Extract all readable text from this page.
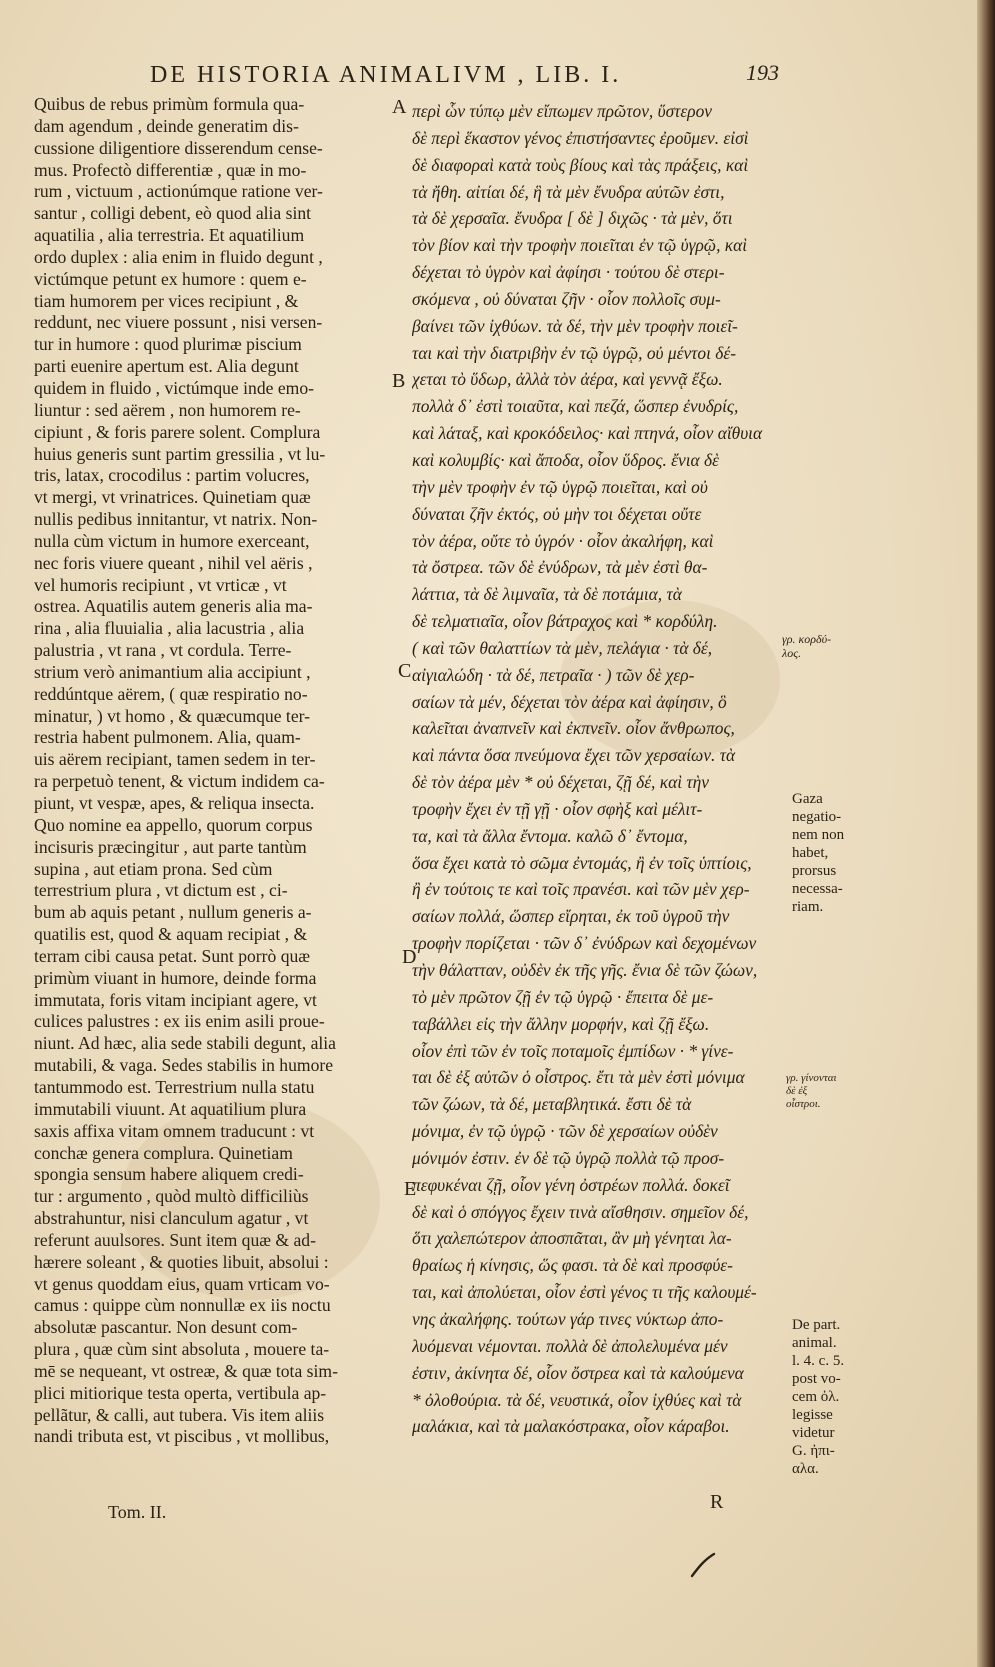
DE HISTORIA ANIMALIVM , LIB. I.	193
Quibus de rebus primùm formula qua-
dam agendum , deinde generatim dis-
cussione diligentiore disserendum cense-
mus. Profectò differentiæ , quæ in mo-
rum , victuum , actionúmque ratione ver-
santur , colligi debent, eò quod alia sint
aquatilia , alia terrestria. Et aquatilium
ordo duplex : alia enim in fluido degunt ,
victúmque petunt ex humore : quem e-
tiam humorem per vices recipiunt , &
reddunt, nec viuere possunt , nisi versen-
tur in humore : quod plurimæ piscium
parti euenire apertum est. Alia degunt
quidem in fluido , victúmque inde emo-
liuntur : sed aërem , non humorem re-
cipiunt , & foris parere solent. Complura
huius generis sunt partim gressilia , vt lu-
tris, latax, crocodilus : partim volucres,
vt mergi, vt vrinatrices. Quinetiam quæ
nullis pedibus innitantur, vt natrix. Non-
nulla cùm victum in humore exerceant,
nec foris viuere queant , nihil vel aëris ,
vel humoris recipiunt , vt vrticæ , vt
ostrea. Aquatilis autem generis alia ma-
rina , alia fluuialia , alia lacustria , alia
palustria , vt rana , vt cordula. Terre-
strium verò animantium alia accipiunt ,
reddúntque aërem, ( quæ respiratio no-
minatur, ) vt homo , & quæcumque ter-
restria habent pulmonem. Alia, quam-
uis aërem recipiant, tamen sedem in ter-
ra perpetuò tenent, & victum indidem ca-
piunt, vt vespæ, apes, & reliqua insecta.
Quo nomine ea appello, quorum corpus
incisuris præcingitur , aut parte tantùm
supina , aut etiam prona. Sed cùm
terrestrium plura , vt dictum est , ci-
bum ab aquis petant , nullum generis a-
quatilis est, quod & aquam recipiat , &
terram cibi causa petat. Sunt porrò quæ
primùm viuant in humore, deinde forma
immutata, foris vitam incipiant agere, vt
culices palustres : ex iis enim asili proue-
niunt. Ad hæc, alia sede stabili degunt, alia
mutabili, & vaga. Sedes stabilis in humore
tantummodo est. Terrestrium nulla statu
immutabili viuunt. At aquatilium plura
saxis affixa vitam omnem traducunt : vt
conchæ genera complura. Quinetiam
spongia sensum habere aliquem credi-
tur : argumento , quòd multò difficiliùs
abstrahuntur, nisi clanculum agatur , vt
referunt auulsores. Sunt item quæ & ad-
hærere soleant , & quoties libuit, absolui :
vt genus quoddam eius, quam vrticam vo-
camus : quippe cùm nonnullæ ex iis noctu
absolutæ pascantur. Non desunt com-
plura , quæ cùm sint absoluta , mouere ta-
mē se nequeant, vt ostreæ, & quæ tota sim-
plici mitiorique testa operta, vertibula ap-
pellãtur, & calli, aut tubera. Vis item aliis
nandi tributa est, vt piscibus , vt mollibus,
περὶ ὧν τύπῳ μὲν εἴπωμεν πρῶτον, ὕστερον
δὲ περὶ ἕκαστον γένος ἐπιστήσαντες ἐροῦμεν. εἰσὶ
δὲ διαφοραὶ κατὰ τοὺς βίους καὶ τὰς πράξεις, καὶ
τὰ ἤθη. αἰτίαι δέ, ἣ τὰ μὲν ἔνυδρα αὐτῶν ἐστι,
τὰ δὲ χερσαῖα. ἔνυδρα [ δὲ ] διχῶς · τὰ μὲν, ὅτι
τὸν βίον καὶ τὴν τροφὴν ποιεῖται ἐν τῷ ὑγρῷ, καὶ
δέχεται τὸ ὑγρὸν καὶ ἀφίησι · τούτου δὲ στερι-
σκόμενα , οὐ δύναται ζῆν · οἷον πολλοῖς συμ-
βαίνει τῶν ἰχθύων. τὰ δέ, τὴν μὲν τροφὴν ποιεῖ-
ται καὶ τὴν διατριβὴν ἐν τῷ ὑγρῷ, οὐ μέντοι δέ-
χεται τὸ ὕδωρ, ἀλλὰ τὸν ἀέρα, καὶ γεννᾷ ἔξω.
πολλὰ δ᾽ ἐστὶ τοιαῦτα, καὶ πεζά, ὥσπερ ἐνυδρίς,
καὶ λάταξ, καὶ κροκόδειλος· καὶ πτηνά, οἷον αἴθυια
καὶ κολυμβίς· καὶ ἄποδα, οἷον ὕδρος. ἔνια δὲ
τὴν μὲν τροφὴν ἐν τῷ ὑγρῷ ποιεῖται, καὶ οὐ
δύναται ζῆν ἐκτός, οὐ μὴν τοι δέχεται οὔτε
τὸν ἀέρα, οὔτε τὸ ὑγρόν · οἷον ἀκαλήφη, καὶ
τὰ ὄστρεα. τῶν δὲ ἐνύδρων, τὰ μὲν ἐστὶ θα-
λάττια, τὰ δὲ λιμναῖα, τὰ δὲ ποτάμια, τὰ
δὲ τελματιαῖα, οἷον βάτραχος καὶ * κορδύλη.
( καὶ τῶν θαλαττίων τὰ μὲν, πελάγια · τὰ δέ,
αἰγιαλώδη · τὰ δέ, πετραῖα · ) τῶν δὲ χερ-
σαίων τὰ μέν, δέχεται τὸν ἀέρα καὶ ἀφίησιν, ὃ
καλεῖται ἀναπνεῖν καὶ ἐκπνεῖν. οἷον ἄνθρωπος,
καὶ πάντα ὅσα πνεύμονα ἔχει τῶν χερσαίων. τὰ
δὲ τὸν ἀέρα μὲν * οὐ δέχεται, ζῇ δέ, καὶ τὴν
τροφὴν ἔχει ἐν τῇ γῇ · οἷον σφὴξ καὶ μέλιτ-
τα, καὶ τὰ ἄλλα ἔντομα. καλῶ δ᾽ ἔντομα,
ὅσα ἔχει κατὰ τὸ σῶμα ἐντομάς, ἢ ἐν τοῖς ὑπτίοις,
ἢ ἐν τούτοις τε καὶ τοῖς πρανέσι. καὶ τῶν μὲν χερ-
σαίων πολλά, ὥσπερ εἴρηται, ἐκ τοῦ ὑγροῦ τὴν
τροφὴν πορίζεται · τῶν δ᾽ ἐνύδρων καὶ δεχομένων
τὴν θάλατταν, οὐδὲν ἐκ τῆς γῆς. ἔνια δὲ τῶν ζώων,
τὸ μὲν πρῶτον ζῇ ἐν τῷ ὑγρῷ · ἔπειτα δὲ με-
ταβάλλει εἰς τὴν ἄλλην μορφήν, καὶ ζῇ ἔξω.
οἷον ἐπὶ τῶν ἐν τοῖς ποταμοῖς ἐμπίδων · * γίνε-
ται δὲ ἐξ αὐτῶν ὁ οἶστρος. ἔτι τὰ μὲν ἐστὶ μόνιμα
τῶν ζώων, τὰ δέ, μεταβλητικά. ἔστι δὲ τὰ
μόνιμα, ἐν τῷ ὑγρῷ · τῶν δὲ χερσαίων οὐδὲν
μόνιμόν ἐστιν. ἐν δὲ τῷ ὑγρῷ πολλὰ τῷ προσ-
πεφυκέναι ζῇ, οἷον γένη ὀστρέων πολλά. δοκεῖ
δὲ καὶ ὁ σπόγγος ἔχειν τινὰ αἴσθησιν. σημεῖον δέ,
ὅτι χαλεπώτερον ἀποσπᾶται, ἂν μὴ γένηται λα-
θραίως ἡ κίνησις, ὥς φασι. τὰ δὲ καὶ προσφύε-
ται, καὶ ἀπολύεται, οἷον ἐστὶ γένος τι τῆς καλουμέ-
νης ἀκαλήφης. τούτων γάρ τινες νύκτωρ ἀπο-
λυόμεναι νέμονται. πολλὰ δὲ ἀπολελυμένα μέν
ἐστιν, ἀκίνητα δέ, οἷον ὄστρεα καὶ τὰ καλούμενα
* ὀλοθούρια. τὰ δέ, νευστικά, οἷον ἰχθύες καὶ τὰ
μαλάκια, καὶ τὰ μαλακόστρακα, οἷον κάραβοι.
A
B
C
D
E
γρ. κορδύ-
λος.
Gaza
negatio-
nem non
habet,
prorsus
necessa-
riam.
γρ. γίνονται
δὲ ἐξ
οἶστροι.
De part.
animal.
l. 4. c. 5.
post vo-
cem ὀλ.
legisse
videtur
G. ἠπι-
αλα.
Tom. II.	R
